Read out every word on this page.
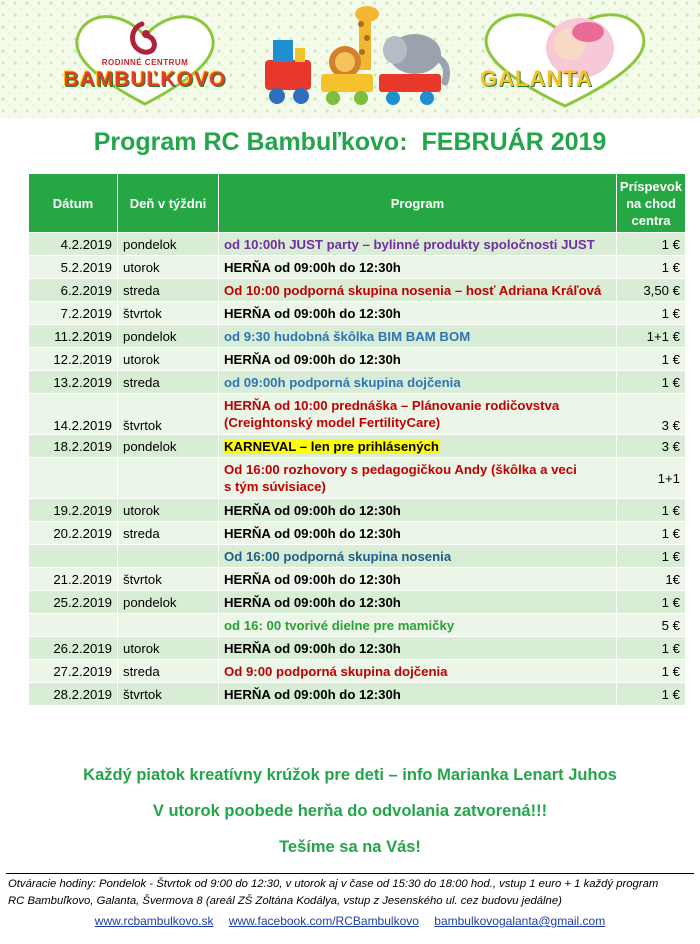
RODINNÉ CENTRUM
BAMBUĽKOVO	GALANTA
Program RC Bambuľkovo: FEBRUÁR 2019
Dátum	Deň v týždni	Program	Príspevok
na chod
centra
4.2.2019	pondelok	od 10:00h JUST party – bylinné produkty spoločnosti JUST	1 €
5.2.2019	utorok	HERŇA od 09:00h do 12:30h	1 €
6.2.2019	streda	Od 10:00 podporná skupina nosenia – hosť Adriana Kráľová	3,50 €
7.2.2019	štvrtok	HERŇA od 09:00h do 12:30h	1 €
11.2.2019	pondelok	od 9:30 hudobná škôlka BIM BAM BOM	1+1 €
12.2.2019	utorok	HERŇA od 09:00h do 12:30h	1 €
13.2.2019	streda	od 09:00h podporná skupina dojčenia	1 €
14.2.2019	štvrtok	HERŇA od 10:00 prednáška – Plánovanie rodičovstva
(Creightonský model FertilityCare)	3 €
18.2.2019	pondelok	KARNEVAL – len pre prihlásených	3 €
		Od 16:00 rozhovory s pedagogičkou Andy (škôlka a veci
s tým súvisiace)	1+1
19.2.2019	utorok	HERŇA od 09:00h do 12:30h	1 €
20.2.2019	streda	HERŇA od 09:00h do 12:30h	1 €
		Od 16:00 podporná skupina nosenia	1 €
21.2.2019	štvrtok	HERŇA od 09:00h do 12:30h	1€
25.2.2019	pondelok	HERŇA od 09:00h do 12:30h	1 €
		od 16: 00 tvorivé dielne pre mamičky	5 €
26.2.2019	utorok	HERŇA od 09:00h do 12:30h	1 €
27.2.2019	streda	Od 9:00 podporná skupina dojčenia	1 €
28.2.2019	štvrtok	HERŇA od 09:00h do 12:30h	1 €
Každý piatok kreatívny krúžok pre deti – info Marianka Lenart Juhos
V utorok poobede herňa do odvolania zatvorená!!!
Tešíme sa na Vás!
Otváracie hodiny: Pondelok - Štvrtok od 9:00 do 12:30, v utorok aj v čase od 15:30 do 18:00 hod., vstup 1 euro + 1 každý program
RC Bambuľkovo, Galanta, Švermova 8 (areál ZŠ Zoltána Kodálya, vstup z Jesenského ul. cez budovu jedálne)
www.rcbambulkovo.sk www.facebook.com/RCBambulkovo bambulkovogalanta@gmail.com
